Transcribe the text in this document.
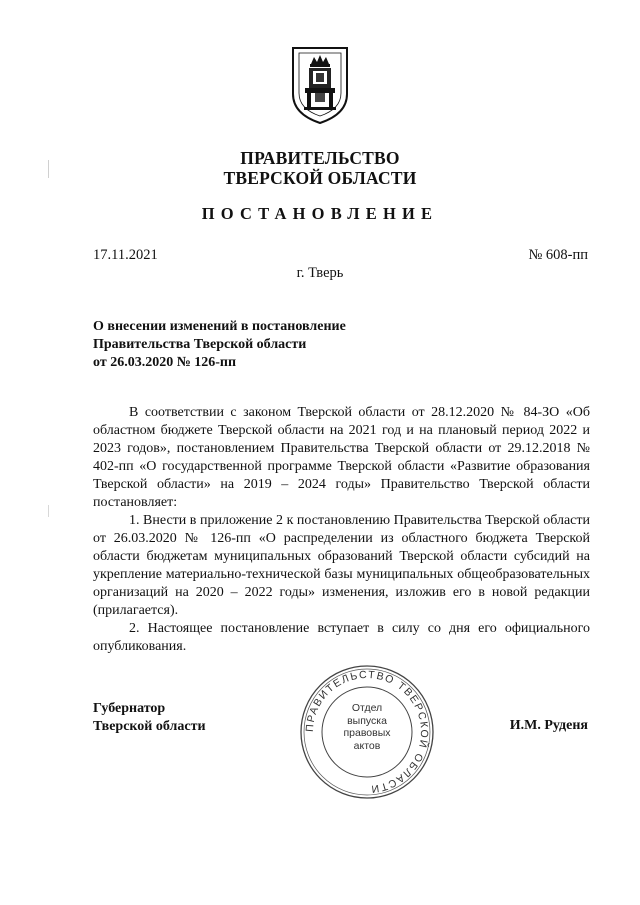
ПРАВИТЕЛЬСТВО
ТВЕРСКОЙ ОБЛАСТИ
ПОСТАНОВЛЕНИЕ
17.11.2021	№ 608-пп
г. Тверь
О внесении изменений в постановление
Правительства Тверской области
от 26.03.2020 № 126-пп

В соответствии с законом Тверской области от 28.12.2020 № 84-ЗО «Об областном бюджете Тверской области на 2021 год и на плановый период 2022 и 2023 годов», постановлением Правительства Тверской области от 29.12.2018 № 402-пп «О государственной программе Тверской области «Развитие образования Тверской области» на 2019 – 2024 годы» Правительство Тверской области постановляет:

1. Внести в приложение 2 к постановлению Правительства Тверской области от 26.03.2020 № 126-пп «О распределении из областного бюджета Тверской области бюджетам муниципальных образований Тверской области субсидий на укрепление материально-технической базы муниципальных общеобразовательных организаций на 2020 – 2022 годы» изменения, изложив его в новой редакции (прилагается).

2. Настоящее постановление вступает в силу со дня его официального опубликования.

Губернатор
Тверской области	И.М. Руденя
ПРАВИТЕЛЬСТВО ТВЕРСКОЙ ОБЛАСТИ
Отдел
выпуска
правовых
актов
